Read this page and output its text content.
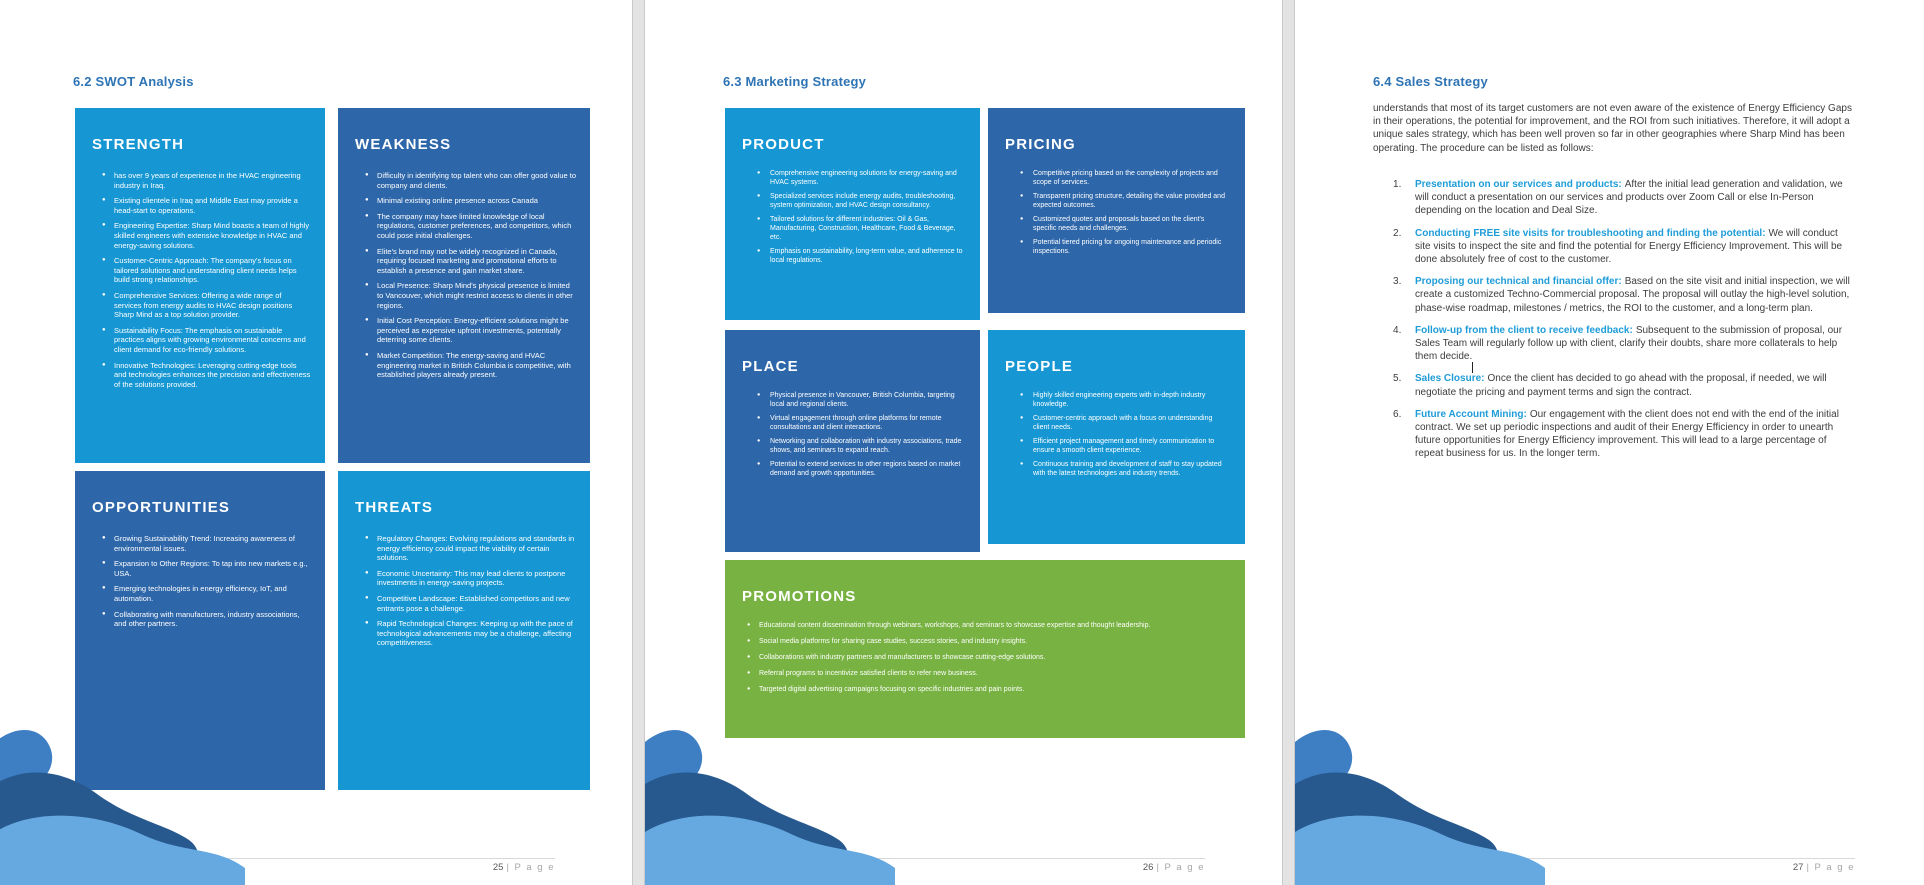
6.2 SWOT Analysis
STRENGTH
●	has over 9 years of experience in the HVAC engineering industry in Iraq.
●	Existing clientele in Iraq and Middle East may provide a head-start to operations.
●	Engineering Expertise: Sharp Mind boasts a team of highly skilled engineers with extensive knowledge in HVAC and energy-saving solutions.
●	Customer-Centric Approach: The company's focus on tailored solutions and understanding client needs helps build strong relationships.
●	Comprehensive Services: Offering a wide range of services from energy audits to HVAC design positions Sharp Mind as a top solution provider.
●	Sustainability Focus: The emphasis on sustainable practices aligns with growing environmental concerns and client demand for eco-friendly solutions.
●	Innovative Technologies: Leveraging cutting-edge tools and technologies enhances the precision and effectiveness of the solutions provided.
WEAKNESS
●	Difficulty in identifying top talent who can offer good value to company and clients.
●	Minimal existing online presence across Canada
●	The company may have limited knowledge of local regulations, customer preferences, and competitors, which could pose initial challenges.
●	Elite's brand may not be widely recognized in Canada, requiring focused marketing and promotional efforts to establish a presence and gain market share.
●	Local Presence: Sharp Mind's physical presence is limited to Vancouver, which might restrict access to clients in other regions.
●	Initial Cost Perception: Energy-efficient solutions might be perceived as expensive upfront investments, potentially deterring some clients.
●	Market Competition: The energy-saving and HVAC engineering market in British Columbia is competitive, with established players already present.
OPPORTUNITIES
●	Growing Sustainability Trend: Increasing awareness of environmental issues.
●	Expansion to Other Regions: To tap into new markets e.g., USA.
●	Emerging technologies in energy efficiency, IoT, and automation.
●	Collaborating with manufacturers, industry associations, and other partners.
THREATS
●	Regulatory Changes: Evolving regulations and standards in energy efficiency could impact the viability of certain solutions.
●	Economic Uncertainty: This may lead clients to postpone investments in energy-saving projects.
●	Competitive Landscape: Established competitors and new entrants pose a challenge.
●	Rapid Technological Changes: Keeping up with the pace of technological advancements may be a challenge, affecting competitiveness.
25 | P a g e
6.3 Marketing Strategy
PRODUCT
●	Comprehensive engineering solutions for energy-saving and HVAC systems.
●	Specialized services include energy audits, troubleshooting, system optimization, and HVAC design consultancy.
●	Tailored solutions for different industries: Oil & Gas, Manufacturing, Construction, Healthcare, Food & Beverage, etc.
●	Emphasis on sustainability, long-term value, and adherence to local regulations.
PRICING
●	Competitive pricing based on the complexity of projects and scope of services.
●	Transparent pricing structure, detailing the value provided and expected outcomes.
●	Customized quotes and proposals based on the client's specific needs and challenges.
●	Potential tiered pricing for ongoing maintenance and periodic inspections.
PLACE
●	Physical presence in Vancouver, British Columbia, targeting local and regional clients.
●	Virtual engagement through online platforms for remote consultations and client interactions.
●	Networking and collaboration with industry associations, trade shows, and seminars to expand reach.
●	Potential to extend services to other regions based on market demand and growth opportunities.
PEOPLE
●	Highly skilled engineering experts with in-depth industry knowledge.
●	Customer-centric approach with a focus on understanding client needs.
●	Efficient project management and timely communication to ensure a smooth client experience.
●	Continuous training and development of staff to stay updated with the latest technologies and industry trends.
PROMOTIONS
●	Educational content dissemination through webinars, workshops, and seminars to showcase expertise and thought leadership.
●	Social media platforms for sharing case studies, success stories, and industry insights.
●	Collaborations with industry partners and manufacturers to showcase cutting-edge solutions.
●	Referral programs to incentivize satisfied clients to refer new business.
●	Targeted digital advertising campaigns focusing on specific industries and pain points.
26 | P a g e
6.4 Sales Strategy

understands that most of its target customers are not even aware of the existence of Energy Efficiency Gaps in their operations, the potential for improvement, and the ROI from such initiatives. Therefore, it will adopt a unique sales strategy, which has been well proven so far in other geographies where Sharp Mind has been operating. The procedure can be listed as follows:

Presentation on our services and products: After the initial lead generation and validation, we will conduct a presentation on our services and products over Zoom Call or else In-Person depending on the location and Deal Size.
Conducting FREE site visits for troubleshooting and finding the potential: We will conduct site visits to inspect the site and find the potential for Energy Efficiency Improvement. This will be done absolutely free of cost to the customer.
Proposing our technical and financial offer: Based on the site visit and initial inspection, we will create a customized Techno-Commercial proposal. The proposal will outlay the high-level solution, phase-wise roadmap, milestones / metrics, the ROI to the customer, and a long-term plan.
Follow-up from the client to receive feedback: Subsequent to the submission of proposal, our Sales Team will regularly follow up with client, clarify their doubts, share more collaterals to help them decide.
Sales Closure: Once the client has decided to go ahead with the proposal, if needed, we will negotiate the pricing and payment terms and sign the contract.
Future Account Mining: Our engagement with the client does not end with the end of the initial contract. We set up periodic inspections and audit of their Energy Efficiency in order to unearth future opportunities for Energy Efficiency improvement. This will lead to a large percentage of repeat business for us. In the longer term.
27 | P a g e
